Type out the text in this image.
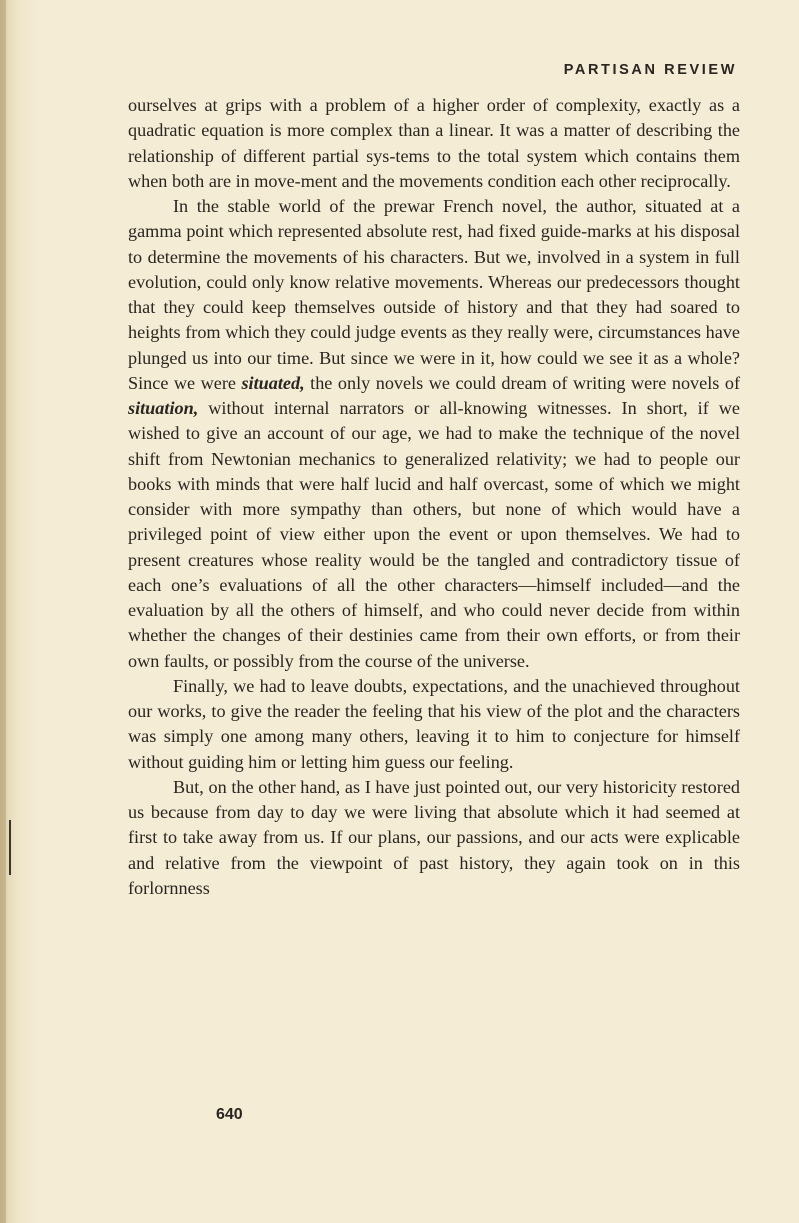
PARTISAN REVIEW

ourselves at grips with a problem of a higher order of complexity, exactly as a quadratic equation is more complex than a linear. It was a matter of describing the relationship of different partial sys-tems to the total system which contains them when both are in move-ment and the movements condition each other reciprocally.

In the stable world of the prewar French novel, the author, situated at a gamma point which represented absolute rest, had fixed guide-marks at his disposal to determine the movements of his characters. But we, involved in a system in full evolution, could only know relative movements. Whereas our predecessors thought that they could keep themselves outside of history and that they had soared to heights from which they could judge events as they really were, circumstances have plunged us into our time. But since we were in it, how could we see it as a whole? Since we were situated, the only novels we could dream of writing were novels of situation, without internal narrators or all-knowing witnesses. In short, if we wished to give an account of our age, we had to make the technique of the novel shift from Newtonian mechanics to generalized relativity; we had to people our books with minds that were half lucid and half overcast, some of which we might consider with more sympathy than others, but none of which would have a privileged point of view either upon the event or upon themselves. We had to present creatures whose reality would be the tangled and contradictory tissue of each one’s evaluations of all the other characters—himself included—and the evaluation by all the others of himself, and who could never decide from within whether the changes of their destinies came from their own efforts, or from their own faults, or possibly from the course of the universe.

Finally, we had to leave doubts, expectations, and the unachieved throughout our works, to give the reader the feeling that his view of the plot and the characters was simply one among many others, leaving it to him to conjecture for himself without guiding him or letting him guess our feeling.

But, on the other hand, as I have just pointed out, our very historicity restored us because from day to day we were living that absolute which it had seemed at first to take away from us. If our plans, our passions, and our acts were explicable and relative from the viewpoint of past history, they again took on in this forlornness

640
